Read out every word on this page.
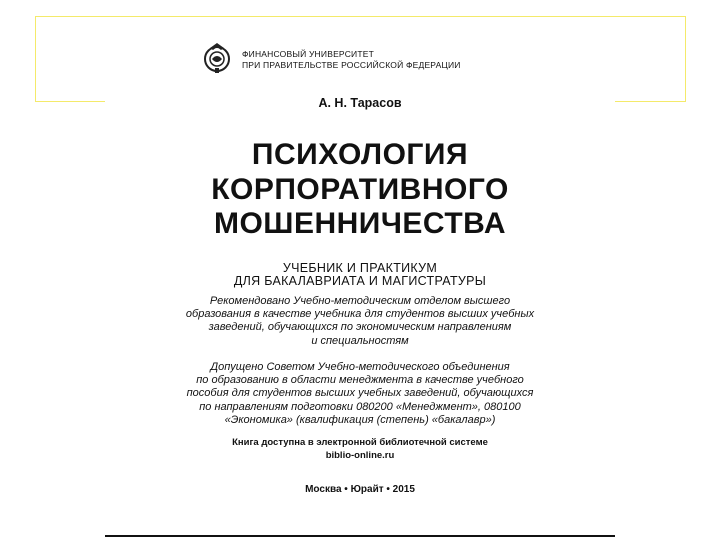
ФИНАНСОВЫЙ УНИВЕРСИТЕТ
ПРИ ПРАВИТЕЛЬСТВЕ РОССИЙСКОЙ ФЕДЕРАЦИИ
А. Н. Тарасов
ПСИХОЛОГИЯ
КОРПОРАТИВНОГО
МОШЕННИЧЕСТВА
УЧЕБНИК И ПРАКТИКУМ
ДЛЯ БАКАЛАВРИАТА И МАГИСТРАТУРЫ
Рекомендовано Учебно-методическим отделом высшего
образования в качестве учебника для студентов высших учебных
заведений, обучающихся по экономическим направлениям
и специальностям
Допущено Советом Учебно-методического объединения
по образованию в области менеджмента в качестве учебного
пособия для студентов высших учебных заведений, обучающихся
по направлениям подготовки 080200 «Менеджмент», 080100
«Экономика» (квалификация (степень) «бакалавр»)
Книга доступна в электронной библиотечной системе
biblio-online.ru
Москва • Юрайт • 2015
